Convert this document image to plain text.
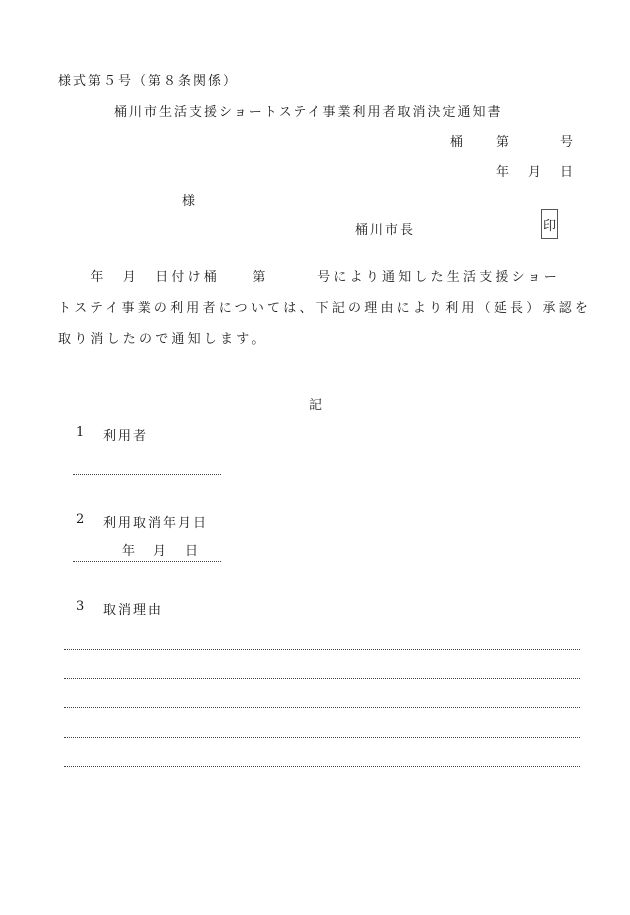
様式第５号（第８条関係）
桶川市生活支援ショートステイ事業利用者取消決定通知書
桶	第	号
年 月 日
様
桶川市長	印

　　年　月　日付け桶　　第　　　号により通知した生活支援ショー

トステイ事業の利用者については、下記の理由により利用（延長）承認を

取り消したので通知します。

記
1 利用者
2 利用取消年月日
年 月 日
3 取消理由
